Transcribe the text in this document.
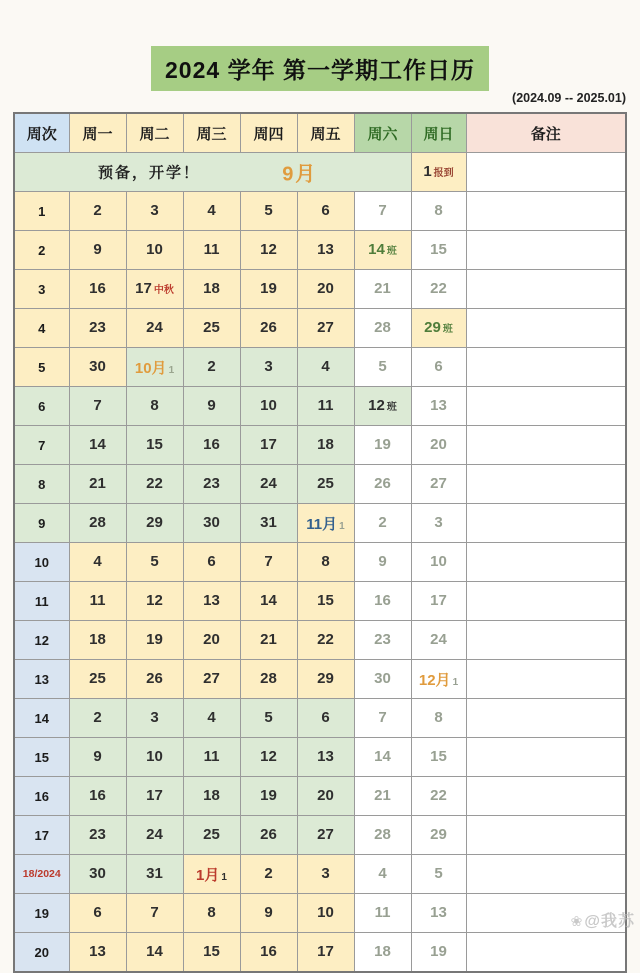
2024 学年 第一学期工作日历
(2024.09 -- 2025.01)
周次	周一	周二	周三	周四	周五	周六	周日	备注

预备，开学！ 9月							1 报到	
1	2	3	4	5	6	7	8	
2	9	10	11	12	13	14 班	15	
3	16	17 中秋	18	19	20	21	22	
4	23	24	25	26	27	28	29 班	
5	30	10月 1	2	3	4	5	6	
6	7	8	9	10	11	12 班	13	
7	14	15	16	17	18	19	20	
8	21	22	23	24	25	26	27	
9	28	29	30	31	11月 1	2	3	
10	4	5	6	7	8	9	10	
11	11	12	13	14	15	16	17	
12	18	19	20	21	22	23	24	
13	25	26	27	28	29	30	12月 1	
14	2	3	4	5	6	7	8	
15	9	10	11	12	13	14	15	
16	16	17	18	19	20	21	22	
17	23	24	25	26	27	28	29	
18/2024	30	31	1月 1	2	3	4	5	
19	6	7	8	9	10	11	13	
20	13	14	15	16	17	18	19	
❀@我苏
